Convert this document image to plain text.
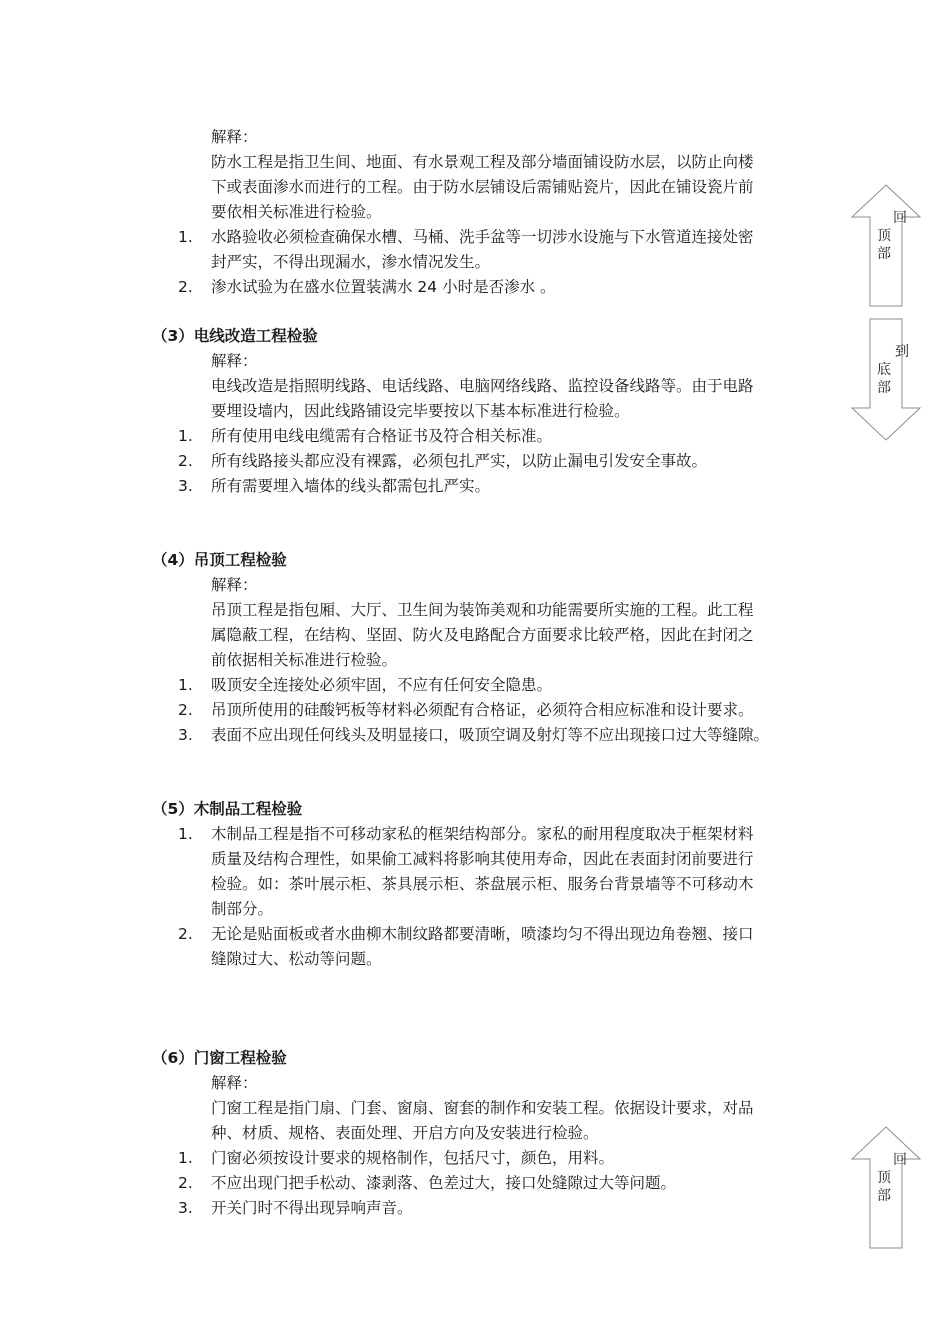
解释：
防水工程是指卫生间、地面、有水景观工程及部分墙面铺设防水层，以防止向楼
下或表面渗水而进行的工程。由于防水层铺设后需铺贴瓷片，因此在铺设瓷片前
要依相关标准进行检验。
1. 水路验收必须检查确保水槽、马桶、洗手盆等一切涉水设施与下水管道连接处密
封严实，不得出现漏水，渗水情况发生。
2. 渗水试验为在盛水位置装满水 24 小时是否渗水 。
（3）电线改造工程检验
解释：
电线改造是指照明线路、电话线路、电脑网络线路、监控设备线路等。由于电路
要埋设墙内，因此线路铺设完毕要按以下基本标准进行检验。
1. 所有使用电线电缆需有合格证书及符合相关标准。
2. 所有线路接头都应没有裸露，必须包扎严实，以防止漏电引发安全事故。
3. 所有需要埋入墙体的线头都需包扎严实。
（4）吊顶工程检验
解释：
吊顶工程是指包厢、大厅、卫生间为装饰美观和功能需要所实施的工程。此工程
属隐蔽工程，在结构、坚固、防火及电路配合方面要求比较严格，因此在封闭之
前依据相关标准进行检验。
1. 吸顶安全连接处必须牢固，不应有任何安全隐患。
2. 吊顶所使用的硅酸钙板等材料必须配有合格证，必须符合相应标准和设计要求。
3. 表面不应出现任何线头及明显接口，吸顶空调及射灯等不应出现接口过大等缝隙。
（5）木制品工程检验
1. 木制品工程是指不可移动家私的框架结构部分。家私的耐用程度取决于框架材料
质量及结构合理性，如果偷工减料将影响其使用寿命，因此在表面封闭前要进行
检验。如：茶叶展示柜、茶具展示柜、茶盘展示柜、服务台背景墙等不可移动木
制部分。
2. 无论是贴面板或者水曲柳木制纹路都要清晰，喷漆均匀不得出现边角卷翘、接口
缝隙过大、松动等问题。
（6）门窗工程检验
解释：
门窗工程是指门扇、门套、窗扇、窗套的制作和安装工程。依据设计要求，对品
种、材质、规格、表面处理、开启方向及安装进行检验。
1. 门窗必须按设计要求的规格制作，包括尺寸，颜色，用料。
2. 不应出现门把手松动、漆剥落、色差过大，接口处缝隙过大等问题。
3. 开关门时不得出现异响声音。
回
顶
部
到
底
部
回
顶
部
